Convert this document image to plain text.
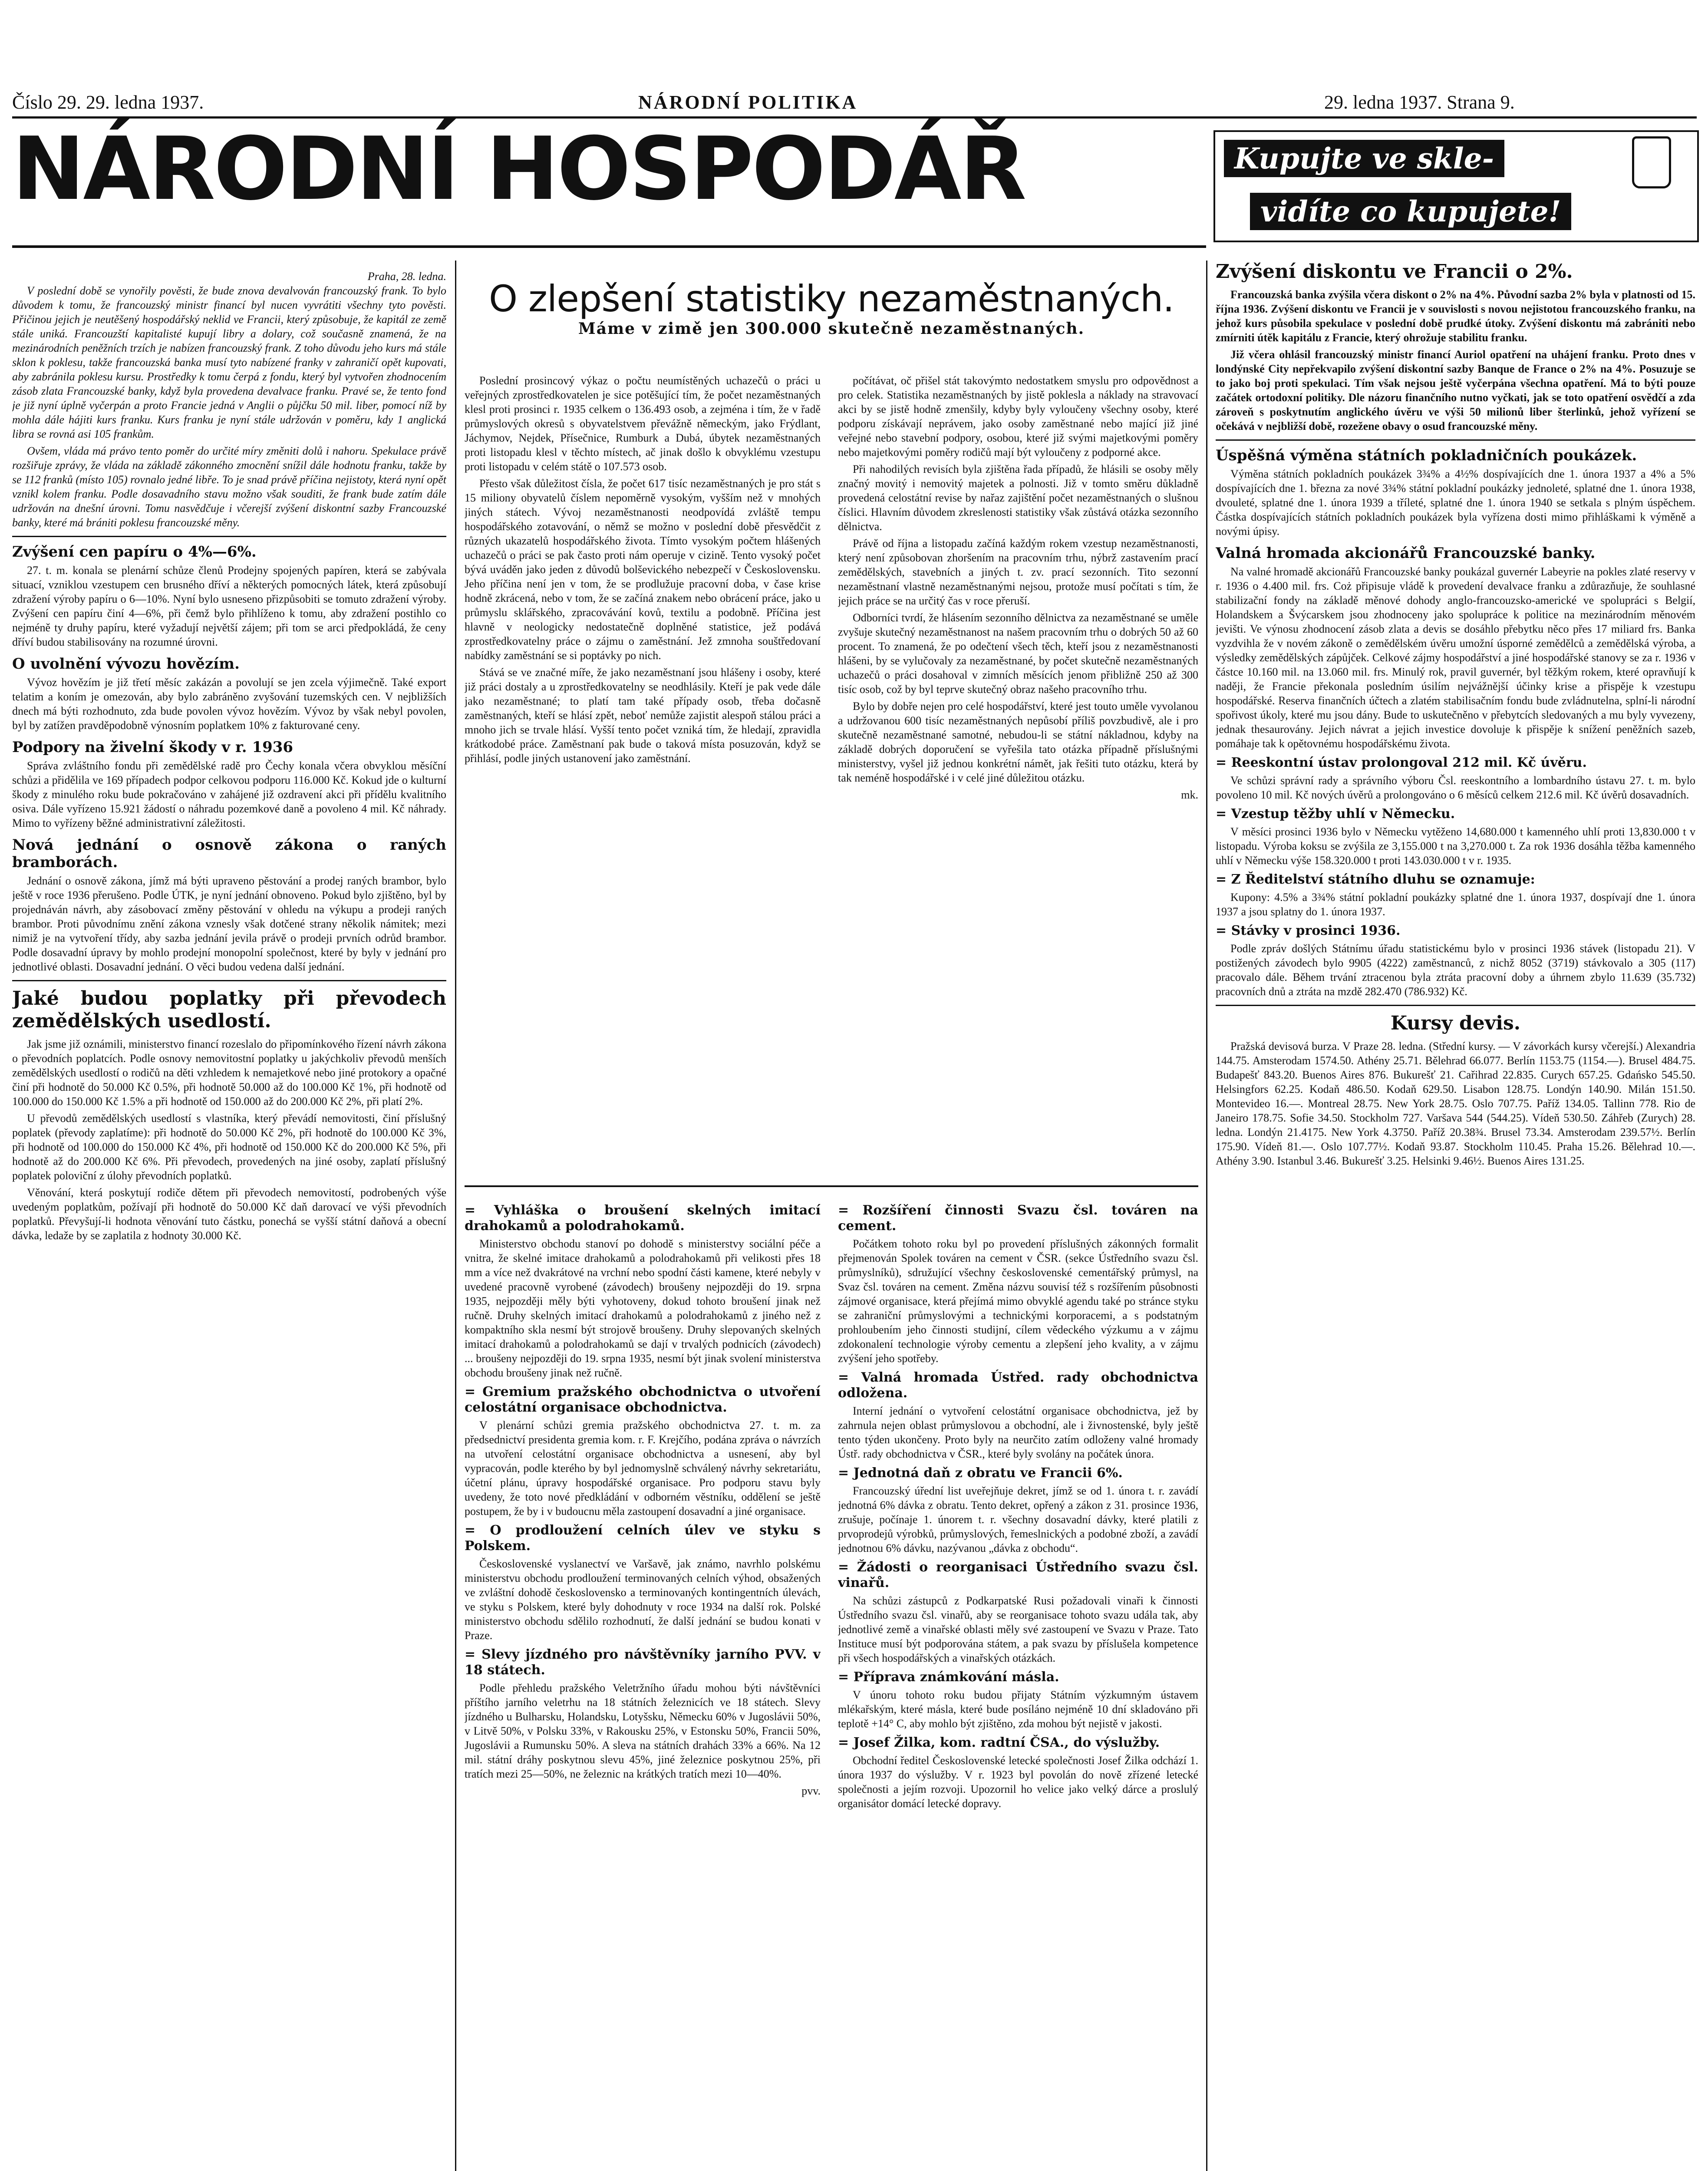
Číslo 29. 29. ledna 1937.	NÁRODNÍ POLITIKA	29. ledna 1937. Strana 9.
NÁRODNÍ HOSPODÁŘ	Kupujte ve skle-
vidíte co kupujete!
Praha, 28. ledna.

V poslední době se vynořily pověsti, že bude znova devalvován francouzský frank. To bylo důvodem k tomu, že francouzský ministr financí byl nucen vyvrátiti všechny tyto pověsti. Přičinou jejich je neutěšený hospodářský neklid ve Francii, který způsobuje, že kapitál ze země stále uniká. Francouzští kapitalisté kupují libry a dolary, což současně znamená, že na mezinárodních peněžních trzích je nabízen francouzský frank. Z toho důvodu jeho kurs má stále sklon k poklesu, takže francouzská banka musí tyto nabízené franky v zahraničí opět kupovati, aby zabránila poklesu kursu. Prostředky k tomu čerpá z fondu, který byl vytvořen zhodnocením zásob zlata Francouzské banky, když byla provedena devalvace franku. Pravé se, že tento fond je již nyní úplně vyčerpán a proto Francie jedná v Anglii o půjčku 50 mil. liber, pomocí níž by mohla dále hájiti kurs franku. Kurs franku je nyní stále udržován v poměru, kdy 1 anglická libra se rovná asi 105 frankům.

Ovšem, vláda má právo tento poměr do určité míry změniti dolů i nahoru. Spekulace právě rozšiřuje zprávy, že vláda na základě zákonného zmocnění snížil dále hodnotu franku, takže by se 112 franků (místo 105) rovnalo jedné libře. To je snad právě příčina nejistoty, která nyní opět vznikl kolem franku. Podle dosavadního stavu možno však souditi, že frank bude zatím dále udržován na dnešní úrovni. Tomu nasvědčuje i včerejší zvýšení diskontní sazby Francouzské banky, které má brániti poklesu francouzské měny.

Zvýšení cen papíru o 4%—6%.

27. t. m. konala se plenární schůze členů Prodejny spojených papíren, která se zabývala situací, vzniklou vzestupem cen brusného dříví a některých pomocných látek, která způsobují zdražení výroby papíru o 6—10%. Nyní bylo usneseno přizpůsobiti se tomuto zdražení výroby. Zvýšení cen papíru činí 4—6%, při čemž bylo přihlíženo k tomu, aby zdražení postihlo co nejméně ty druhy papíru, které vyžadují největší zájem; při tom se arci předpokládá, že ceny dříví budou stabilisovány na rozumné úrovni.

O uvolnění vývozu hovězím.

Vývoz hovězím je již třetí měsíc zakázán a povolují se jen zcela výjimečně. Také export telatim a koním je omezován, aby bylo zabráněno zvyšování tuzemských cen. V nejbližších dnech má býti rozhodnuto, zda bude povolen vývoz hovězím. Vývoz by však nebyl povolen, byl by zatížen pravděpodobně výnosním poplatkem 10% z fakturované ceny.

Podpory na živelní škody v r. 1936

Správa zvláštního fondu při zemědělské radě pro Čechy konala včera obvyklou měsíční schůzi a přidělila ve 169 případech podpor celkovou podporu 116.000 Kč. Kokud jde o kulturní škody z minulého roku bude pokračováno v zahájené již ozdravení akci při přídělu kvalitního osiva. Dále vyřízeno 15.921 žádostí o náhradu pozemkové daně a povoleno 4 mil. Kč náhrady. Mimo to vyřízeny běžné administrativní záležitosti.

Nová jednání o osnově zákona o raných bramborách.

Jednání o osnově zákona, jímž má býti upraveno pěstování a prodej raných brambor, bylo ještě v roce 1936 přerušeno. Podle ÚTK, je nyní jednání obnoveno. Pokud bylo zjištěno, byl by projednáván návrh, aby zásobovací změny pěstování v ohledu na výkupu a prodeji raných brambor. Proti původnímu znění zákona vznesly však dotčené strany několik námitek; mezi nimiž je na vytvoření třídy, aby sazba jednání jevila právě o prodeji prvních odrůd brambor. Podle dosavadní úpravy by mohlo prodejní monopolní společnost, které by byly v jednání pro jednotlivé oblasti. Dosavadní jednání. O věci budou vedena další jednání.

Jaké budou poplatky při převodech zemědělských usedlostí.

Jak jsme již oznámili, ministerstvo financí rozeslalo do připomínkového řízení návrh zákona o převodních poplatcích. Podle osnovy nemovitostní poplatky u jakýchkoliv převodů menších zemědělských usedlostí o rodičů na děti vzhledem k nemajetkové nebo jiné protokory a opačné činí při hodnotě do 50.000 Kč 0.5%, při hodnotě 50.000 až do 100.000 Kč 1%, při hodnotě od 100.000 do 150.000 Kč 1.5% a při hodnotě od 150.000 až do 200.000 Kč 2%, při platí 2%.

U převodů zemědělských usedlostí s vlastníka, který převádí nemovitosti, činí příslušný poplatek (převody zaplatíme): při hodnotě do 50.000 Kč 2%, při hodnotě do 100.000 Kč 3%, při hodnotě od 100.000 do 150.000 Kč 4%, při hodnotě od 150.000 Kč do 200.000 Kč 5%, při hodnotě až do 200.000 Kč 6%. Při převodech, provedených na jiné osoby, zaplatí příslušný poplatek poloviční z úlohy převodních poplatků.

Věnování, která poskytují rodiče dětem při převodech nemovitostí, podrobených výše uvedeným poplatkům, požívají při hodnotě do 50.000 Kč daň darovací ve výši převodních poplatků. Převyšují-li hodnota věnování tuto částku, ponechá se vyšší státní daňová a obecní dávka, ledaže by se zaplatila z hodnoty 30.000 Kč.

O zlepšení statistiky nezaměstnaných.
Máme v zimě jen 300.000 skutečně nezaměstnaných.

Poslední prosincový výkaz o počtu neumístěných uchazečů o práci u veřejných zprostředkovatelen je sice potěšující tím, že počet nezaměstnaných klesl proti prosinci r. 1935 celkem o 136.493 osob, a zejména i tím, že v řadě průmyslových okresů s obyvatelstvem převážně německým, jako Frýdlant, Jáchymov, Nejdek, Přísečnice, Rumburk a Dubá, úbytek nezaměstnaných proti listopadu klesl v těchto místech, ač jinak došlo k obvyklému vzestupu proti listopadu v celém státě o 107.573 osob.

Přesto však důležitost čísla, že počet 617 tisíc nezaměstnaných je pro stát s 15 miliony obyvatelů číslem nepoměrně vysokým, vyšším než v mnohých jiných státech. Vývoj nezaměstnanosti neodpovídá zvláště tempu hospodářského zotavování, o němž se možno v poslední době přesvědčit z různých ukazatelů hospodářského života. Tímto vysokým počtem hlášených uchazečů o práci se pak často proti nám operuje v cizině. Tento vysoký počet bývá uváděn jako jeden z důvodů bolševického nebezpečí v Československu. Jeho příčina není jen v tom, že se prodlužuje pracovní doba, v čase krise hodně zkrácená, nebo v tom, že se začíná znakem nebo obrácení práce, jako u průmyslu sklářského, zpracovávání kovů, textilu a podobně. Příčina jest hlavně v neologicky nedostatečně doplněné statistice, jež podává zprostředkovatelny práce o zájmu o zaměstnání. Jež zmnoha souštředovaní nabídky zaměstnání se si poptávky po nich.

Stává se ve značné míře, že jako nezaměstnaní jsou hlášeny i osoby, které již práci dostaly a u zprostředkovatelny se neodhlásily. Kteří je pak vede dále jako nezaměstnané; to platí tam také případy osob, třeba dočasně zaměstnaných, kteří se hlásí zpět, neboť nemůže zajistit alespoň stálou práci a mnoho jich se trvale hlásí. Vyšší tento počet vzniká tím, že hledají, zpravidla krátkodobé práce. Zaměstnaní pak bude o taková místa posuzován, když se přihlásí, podle jiných ustanovení jako zaměstnání.

počítávat, oč přišel stát takovýmto nedostatkem smyslu pro odpovědnost a pro celek. Statistika nezaměstnaných by jistě poklesla a náklady na stravovací akci by se jistě hodně zmenšily, kdyby byly vyloučeny všechny osoby, které podporu získávají neprávem, jako osoby zaměstnané nebo mající již jiné veřejné nebo stavební podpory, osobou, které již svými majetkovými poměry nebo majetkovými poměry rodičů mají být vyloučeny z podporné akce.

Při nahodilých revisích byla zjištěna řada případů, že hlásili se osoby měly značný movitý i nemovitý majetek a polnosti. Již v tomto směru důkladně provedená celostátní revise by nařaz zajištění počet nezaměstnaných o slušnou číslici. Hlavním důvodem zkreslenosti statistiky však zůstává otázka sezonního dělnictva.

Právě od října a listopadu začíná každým rokem vzestup nezaměstnanosti, který není způsobovan zhoršením na pracovním trhu, nýbrž zastavením prací zemědělských, stavebních a jiných t. zv. prací sezonních. Tito sezonní nezaměstnaní vlastně nezaměstnanými nejsou, protože musí počítati s tím, že jejich práce se na určitý čas v roce přeruší.

Odborníci tvrdí, že hlásením sezonního dělnictva za nezaměstnané se uměle zvyšuje skutečný nezaměstnanost na našem pracovním trhu o dobrých 50 až 60 procent. To znamená, že po odečtení všech těch, kteří jsou z nezaměstnanosti hlášeni, by se vylučovaly za nezaměstnané, by počet skutečně nezaměstnaných uchazečů o práci dosahoval v zimních měsících jenom přibližně 250 až 300 tisíc osob, což by byl teprve skutečný obraz našeho pracovního trhu.

Bylo by dobře nejen pro celé hospodářství, které jest touto uměle vyvolanou a udržovanou 600 tisíc nezaměstnaných nepůsobí příliš povzbudivě, ale i pro skutečně nezaměstnané samotné, nebudou-li se státní nákladnou, kdyby na základě dobrých doporučení se vyřešila tato otázka případně příslušnými ministerstvy, vyšel již jednou konkrétní námět, jak řešiti tuto otázku, která by tak neméně hospodářské i v celé jiné důležitou otázku.

mk.
= Vyhláška o broušení skelných imitací drahokamů a polodrahokamů.

Ministerstvo obchodu stanoví po dohodě s ministerstvy sociální péče a vnitra, že skelné imitace drahokamů a polodrahokamů při velikosti přes 18 mm a více než dvakrátové na vrchní nebo spodní části kamene, které nebyly v uvedené pracovně vyrobené (závodech) broušeny nejpozději do 19. srpna 1935, nejpozději měly býti vyhotoveny, dokud tohoto broušení jinak než ručně. Druhy skelných imitací drahokamů a polodrahokamů z jiného než z kompaktního skla nesmí být strojově broušeny. Druhy slepovaných skelných imitací drahokamů a polodrahokamů se dají v trvalých podnicích (závodech) ... broušeny nejpozději do 19. srpna 1935, nesmí být jinak svolení ministerstva obchodu broušeny jinak než ručně.

= Gremium pražského obchodnictva o utvoření celostátní organisace obchodnictva.

V plenární schůzi gremia pražského obchodnictva 27. t. m. za předsednictví presidenta gremia kom. r. F. Krejčího, podána zpráva o návrzích na utvoření celostátní organisace obchodnictva a usnesení, aby byl vypracován, podle kterého by byl jednomyslně schválený návrhy sekretariátu, účetní plánu, úpravy hospodářské organisace. Pro podporu stavu byly uvedeny, že toto nové předkládání v odborném věstníku, oddělení se ještě postupem, že by i v budoucnu měla zastoupení dosavadní a jiné organisace.

= O prodloužení celních úlev ve styku s Polskem.

Československé vyslanectví ve Varšavě, jak známo, navrhlo polskému ministerstvu obchodu prodloužení terminovaných celních výhod, obsažených ve zvláštní dohodě československo a terminovaných kontingentních úlevách, ve styku s Polskem, které byly dohodnuty v roce 1934 na další rok. Polské ministerstvo obchodu sdělilo rozhodnutí, že další jednání se budou konati v Praze.

= Slevy jízdného pro návštěvníky jarního PVV. v 18 státech.

Podle přehledu pražského Veletržního úřadu mohou býti návštěvníci příštího jarního veletrhu na 18 státních železnicích ve 18 státech. Slevy jízdného u Bulharsku, Holandsku, Lotyšsku, Německu 60% v Jugoslávii 50%, v Litvě 50%, v Polsku 33%, v Rakousku 25%, v Estonsku 50%, Francii 50%, Jugoslávii a Rumunsku 50%. A sleva na státních drahách 33% a 66%. Na 12 mil. státní dráhy poskytnou slevu 45%, jiné železnice poskytnou 25%, při tratích mezi 25—50%, ne železnic na krátkých tratích mezi 10—40%.

pvv.
= Rozšíření činnosti Svazu čsl. továren na cement.

Počátkem tohoto roku byl po provedení příslušných zákonných formalit přejmenován Spolek továren na cement v ČSR. (sekce Ústředního svazu čsl. průmyslníků), sdružující všechny československé cementářský průmysl, na Svaz čsl. továren na cement. Změna názvu souvisí též s rozšířením působnosti zájmové organisace, která přejímá mimo obvyklé agendu také po stránce styku se zahraniční průmyslovými a technickými korporacemi, a s podstatným prohloubením jeho činnosti studijní, cílem vědeckého výzkumu a v zájmu zdokonalení technologie výroby cementu a zlepšení jeho kvality, a v zájmu zvýšení jeho spotřeby.

= Valná hromada Ústřed. rady obchodnictva odložena.

Interní jednání o vytvoření celostátní organisace obchodnictva, jež by zahrnula nejen oblast průmyslovou a obchodní, ale i živnostenské, byly ještě tento týden ukončeny. Proto byly na neurčito zatím odloženy valné hromady Ústř. rady obchodnictva v ČSR., které byly svolány na počátek února.

= Jednotná daň z obratu ve Francii 6%.

Francouzský úřední list uveřejňuje dekret, jímž se od 1. února t. r. zavádí jednotná 6% dávka z obratu. Tento dekret, opřený a zákon z 31. prosince 1936, zrušuje, počínaje 1. únorem t. r. všechny dosavadní dávky, které platili z prvoprodejů výrobků, průmyslových, řemeslnických a podobné zboží, a zavádí jednotnou 6% dávku, nazývanou „dávka z obchodu“.

= Žádosti o reorganisaci Ústředního svazu čsl. vinařů.

Na schůzi zástupců z Podkarpatské Rusi požadovali vinaři k činnosti Ústředního svazu čsl. vinařů, aby se reorganisace tohoto svazu udála tak, aby jednotlivé země a vinařské oblasti měly své zastoupení ve Svazu v Praze. Tato Instituce musí být podporována státem, a pak svazu by příslušela kompetence při všech hospodářských a vinařských otázkách.

= Příprava známkování másla.

V únoru tohoto roku budou přijaty Státním výzkumným ústavem mlékařským, které másla, které bude posíláno nejméně 10 dní skladováno při teplotě +14° C, aby mohlo být zjištěno, zda mohou být nejistě v jakosti.

= Josef Žilka, kom. radtní ČSA., do výslužby.

Obchodní ředitel Československé letecké společnosti Josef Žilka odchází 1. února 1937 do výslužby. V r. 1923 byl povolán do nově zřízené letecké společnosti a jejím rozvoji. Upozornil ho velice jako velký dárce a proslulý organisátor domácí letecké dopravy.

Zvýšení diskontu ve Francii o 2%.

Francouzská banka zvýšila včera diskont o 2% na 4%. Původní sazba 2% byla v platnosti od 15. října 1936. Zvýšení diskontu ve Francii je v souvislosti s novou nejistotou francouzského franku, na jehož kurs působila spekulace v poslední době prudké útoky. Zvýšení diskontu má zabrániti nebo zmírniti útěk kapitálu z Francie, který ohrožuje stabilitu franku.

Již včera ohlásil francouzský ministr financí Auriol opatření na uhájení franku. Proto dnes v londýnské City nepřekvapilo zvýšení diskontní sazby Banque de France o 2% na 4%. Posuzuje se to jako boj proti spekulaci. Tím však nejsou ještě vyčerpána všechna opatření. Má to býti pouze začátek ortodoxní politiky. Dle názoru finančního nutno vyčkati, jak se toto opatření osvědčí a zda zároveň s poskytnutím anglického úvěru ve výši 50 milionů liber šterlinků, jehož vyřízení se očekává v nejbližší době, rozežene obavy o osud francouzské měny.

Úspěšná výměna státních pokladničních poukázek.

Výměna státních pokladních poukázek 3¾% a 4½% dospívajících dne 1. února 1937 a 4% a 5% dospívajících dne 1. března za nové 3¾% státní pokladní poukázky jednoleté, splatné dne 1. února 1938, dvouleté, splatné dne 1. února 1939 a tříleté, splatné dne 1. února 1940 se setkala s plným úspěchem. Částka dospívajících státních pokladních poukázek byla vyřízena dosti mimo přihláškami k výměně a novými úpisy.

Valná hromada akcionářů Francouzské banky.

Na valné hromadě akcionářů Francouzské banky poukázal guvernér Labeyrie na pokles zlaté reservy v r. 1936 o 4.400 mil. frs. Coż připisuje vládě k provedení devalvace franku a zdůrazňuje, že souhlasné stabilizační fondy na základě měnové dohody anglo-francouzsko-americké ve spolupráci s Belgií, Holandskem a Švýcarskem jsou zhodnoceny jako spolupráce k politice na mezinárodním měnovém jevišti. Ve výnosu zhodnocení zásob zlata a devis se dosáhlo přebytku něco přes 17 miliard frs. Banka vyzdvihla že v novém zákoně o zemědělském úvěru umožní úsporné zemědělců a zemědělská výroba, a výsledky zemědělských zápůjček. Celkové zájmy hospodářství a jiné hospodářské stanovy se za r. 1936 v částce 10.160 mil. na 13.060 mil. frs. Minulý rok, pravil guvernér, byl těžkým rokem, které opravňují k naději, že Francie překonala posledním úsilím nejvážnější účinky krise a přispěje k vzestupu hospodářské. Reserva finančních účtech a zlatém stabilisačním fondu bude zvládnutelna, splní-li národní spořivost úkoly, které mu jsou dány. Bude to uskutečněno v přebytcích sledovaných a mu byly vyvezeny, jednak thesaurovány. Jejich návrat a jejich investice dovoluje k přispěje k snížení peněžních sazeb, pomáhaje tak k opětovnému hospodářskému života.

= Reeskontní ústav prolongoval 212 mil. Kč úvěru.

Ve schůzi správní rady a správního výboru Čsl. reeskontního a lombardního ústavu 27. t. m. bylo povoleno 10 mil. Kč nových úvěrů a prolongováno o 6 měsíců celkem 212.6 mil. Kč úvěrů dosavadních.

= Vzestup těžby uhlí v Německu.

V měsíci prosinci 1936 bylo v Německu vytěženo 14,680.000 t kamenného uhlí proti 13,830.000 t v listopadu. Výroba koksu se zvýšila ze 3,155.000 t na 3,270.000 t. Za rok 1936 dosáhla těžba kamenného uhlí v Německu výše 158.320.000 t proti 143.030.000 t v r. 1935.

= Z Ředitelství státního dluhu se oznamuje:

Kupony: 4.5% a 3¾% státní pokladní poukázky splatné dne 1. února 1937, dospívají dne 1. února 1937 a jsou splatny do 1. února 1937.

= Stávky v prosinci 1936.

Podle zpráv došlých Státnímu úřadu statistickému bylo v prosinci 1936 stávek (listopadu 21). V postižených závodech bylo 9905 (4222) zaměstnanců, z nichž 8052 (3719) stávkovalo a 305 (117) pracovalo dále. Během trvání ztracenou byla ztráta pracovní doby a úhrnem zbylo 11.639 (35.732) pracovních dnů a ztráta na mzdě 282.470 (786.932) Kč.

Kursy devis.

Pražská devisová burza. V Praze 28. ledna. (Střední kursy. — V závorkách kursy včerejší.) Alexandria 144.75. Amsterodam 1574.50. Athény 25.71. Bělehrad 66.077. Berlín 1153.75 (1154.—). Brusel 484.75. Budapešť 843.20. Buenos Aires 876. Bukurešť 21. Cařihrad 22.835. Curych 657.25. Gdańsko 545.50. Helsingfors 62.25. Kodaň 486.50. Kodaň 629.50. Lisabon 128.75. Londýn 140.90. Milán 151.50. Montevideo 16.—. Montreal 28.75. New York 28.75. Oslo 707.75. Paříž 134.05. Tallinn 778. Rio de Janeiro 178.75. Sofie 34.50. Stockholm 727. Varšava 544 (544.25). Vídeň 530.50. Záhřeb (Zurych) 28. ledna. Londýn 21.4175. New York 4.3750. Paříž 20.38¾. Brusel 73.34. Amsterodam 239.57½. Berlín 175.90. Vídeň 81.—. Oslo 107.77½. Kodaň 93.87. Stockholm 110.45. Praha 15.26. Bělehrad 10.—. Athény 3.90. Istanbul 3.46. Bukurešť 3.25. Helsinki 9.46½. Buenos Aires 131.25.
